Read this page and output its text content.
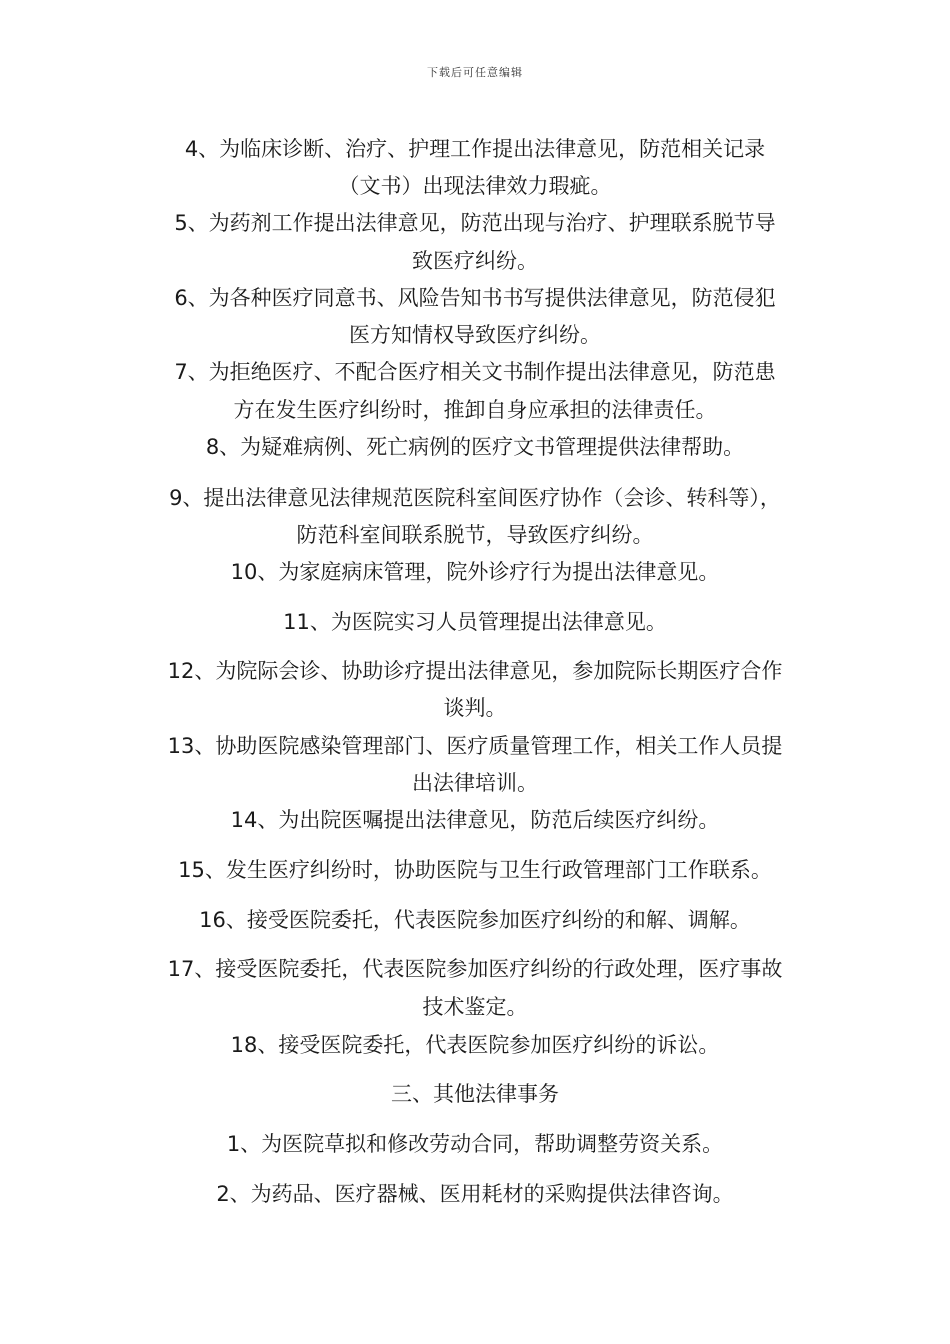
下载后可任意编辑
4、为临床诊断、治疗、护理工作提出法律意见，防范相关记录
（文书）出现法律效力瑕疵。
5、为药剂工作提出法律意见，防范出现与治疗、护理联系脱节导
致医疗纠纷。
6、为各种医疗同意书、风险告知书书写提供法律意见，防范侵犯
医方知情权导致医疗纠纷。
7、为拒绝医疗、不配合医疗相关文书制作提出法律意见，防范患
方在发生医疗纠纷时，推卸自身应承担的法律责任。
8、为疑难病例、死亡病例的医疗文书管理提供法律帮助。
9、提出法律意见法律规范医院科室间医疗协作（会诊、转科等），
防范科室间联系脱节，导致医疗纠纷。
10、为家庭病床管理，院外诊疗行为提出法律意见。
11、为医院实习人员管理提出法律意见。
12、为院际会诊、协助诊疗提出法律意见，参加院际长期医疗合作
谈判。
13、协助医院感染管理部门、医疗质量管理工作，相关工作人员提
出法律培训。
14、为出院医嘱提出法律意见，防范后续医疗纠纷。
15、发生医疗纠纷时，协助医院与卫生行政管理部门工作联系。
16、接受医院委托，代表医院参加医疗纠纷的和解、调解。
17、接受医院委托，代表医院参加医疗纠纷的行政处理，医疗事故
技术鉴定。
18、接受医院委托，代表医院参加医疗纠纷的诉讼。
三、其他法律事务
1、为医院草拟和修改劳动合同，帮助调整劳资关系。
2、为药品、医疗器械、医用耗材的采购提供法律咨询。
